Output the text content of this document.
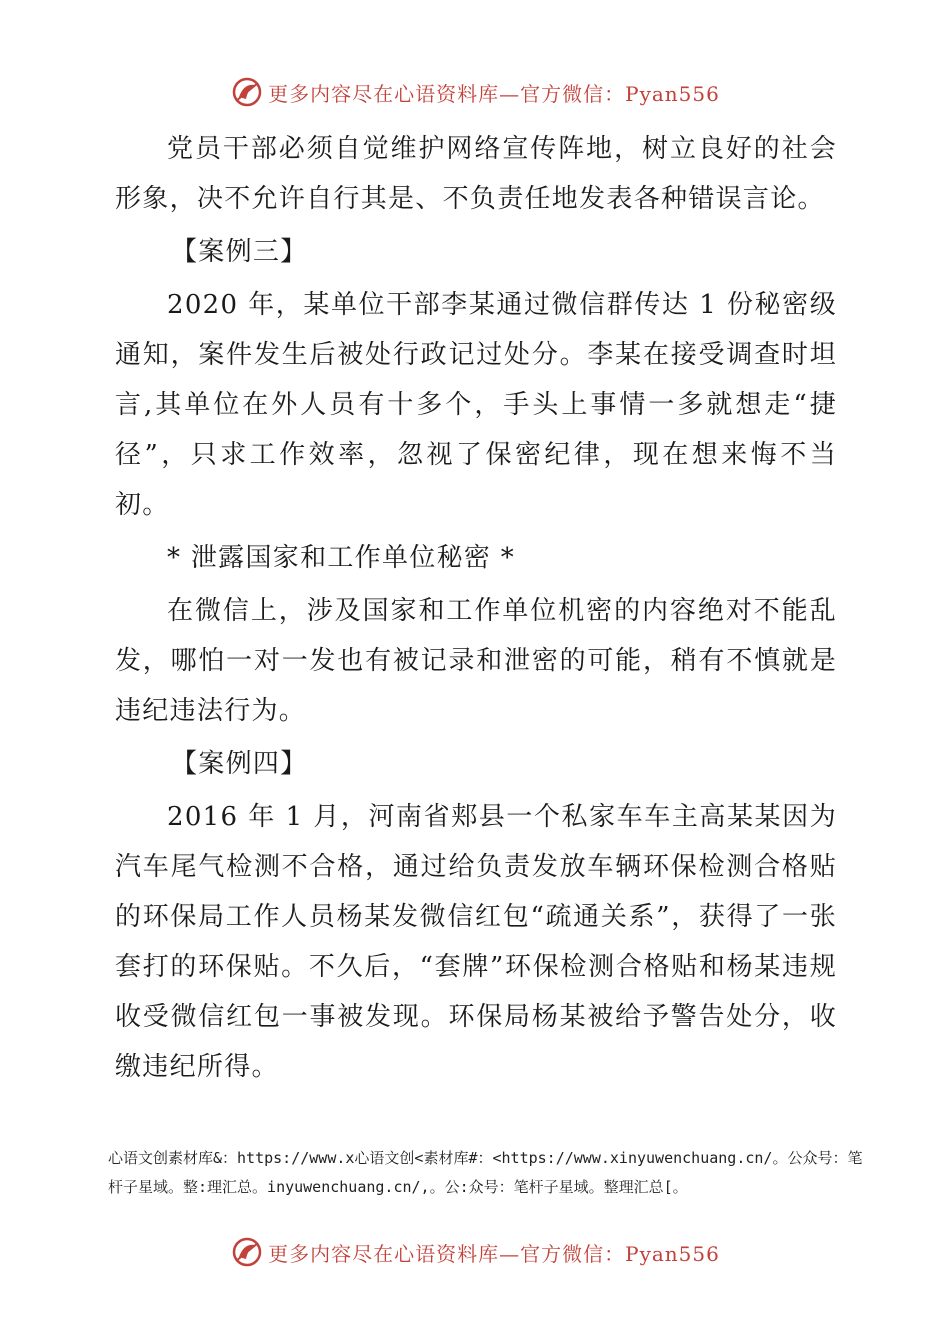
更多内容尽在心语资料库—官方微信：Pyan556

党员干部必须自觉维护网络宣传阵地，树立良好的社会形象，决不允许自行其是、不负责任地发表各种错误言论。

【案例三】

2020 年，某单位干部李某通过微信群传达 1 份秘密级通知，案件发生后被处行政记过处分。李某在接受调查时坦言,其单位在外人员有十多个，手头上事情一多就想走“捷径”，只求工作效率，忽视了保密纪律，现在想来悔不当初。

* 泄露国家和工作单位秘密 *

在微信上，涉及国家和工作单位机密的内容绝对不能乱发，哪怕一对一发也有被记录和泄密的可能，稍有不慎就是违纪违法行为。

【案例四】

2016 年 1 月，河南省郏县一个私家车车主高某某因为汽车尾气检测不合格，通过给负责发放车辆环保检测合格贴的环保局工作人员杨某发微信红包“疏通关系”，获得了一张套打的环保贴。不久后，“套牌”环保检测合格贴和杨某违规收受微信红包一事被发现。环保局杨某被给予警告处分，收缴违纪所得。

心语文创素材库&：https://www.x心语文创<素材库#：<https://www.xinyuwenchuang.cn/。公众号：笔杆子星域。整:理汇总。inyuwenchuang.cn/,。公:众号：笔杆子星域。整理汇总[。
更多内容尽在心语资料库—官方微信：Pyan556
